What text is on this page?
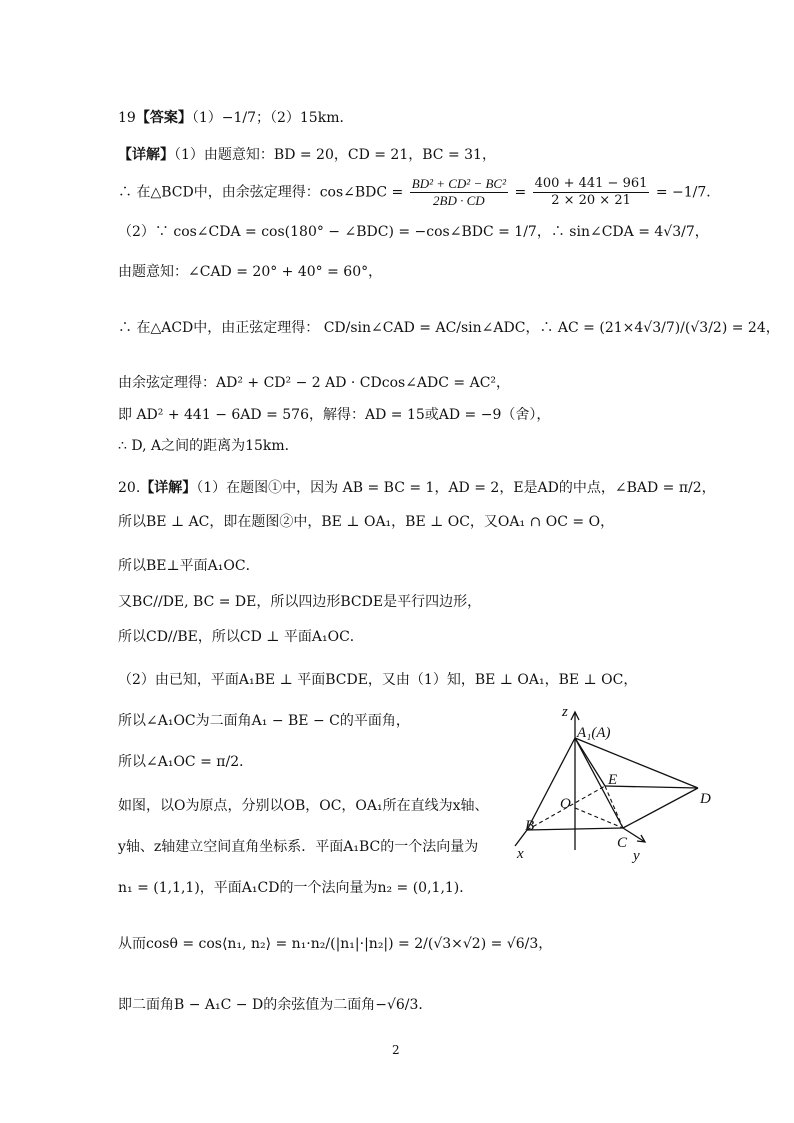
19【答案】（1）−1/7；（2）15km．
【详解】（1）由题意知：BD = 20，CD = 21，BC = 31，
∴ 在△BCD中，由余弦定理得：cos∠BDC = $\frac{\text{BD² + CD² − BC²}}{2BD \cdot CD} = \frac{400 + 441 - 961}{2 \times 20 \times 21} = -1/7$．
（2）∵ cos∠CDA = cos(180° − ∠BDC) = −cos∠BDC = 1/7，∴ sin∠CDA = 4√3/7，
由题意知：∠CAD = 20° + 40° = 60°，
∴ 在△ACD中，由正弦定理得： CD/sin∠CAD = AC/sin∠ADC，∴ AC = (21×4√3/7)/(√3/2) = 24，
由余弦定理得：AD² + CD² − 2 AD · CDcos∠ADC = AC²，
即 AD² + 441 − 6AD = 576，解得：AD = 15或AD = −9（舍），
∴ D, A之间的距离为15km．
20.【详解】（1）在题图①中，因为 AB = BC = 1，AD = 2，E是AD的中点，∠BAD = π/2，
所以BE ⊥ AC，即在题图②中，BE ⊥ OA₁，BE ⊥ OC，又OA₁ ∩ OC = O，
所以BE⊥平面A₁OC．
又BC//DE, BC = DE，所以四边形BCDE是平行四边形，
所以CD//BE，所以CD ⊥ 平面A₁OC．
（2）由已知，平面A₁BE ⊥ 平面BCDE，又由（1）知，BE ⊥ OA₁，BE ⊥ OC，
所以∠A₁OC为二面角A₁ − BE − C的平面角，
所以∠A₁OC = π/2．
如图，以O为原点，分别以OB，OC，OA₁所在直线为x轴、
y轴、z轴建立空间直角坐标系．平面A₁BC的一个法向量为
n₁ = (1,1,1)，平面A₁CD的一个法向量为n₂ = (0,1,1)．
从而cosθ = cos⟨n₁, n₂⟩ = n₁·n₂/(|n₁|·|n₂|) = 2/(√3×√2) = √6/3，
即二面角B − A₁C − D的余弦值为二面角−√6/3．
z
A₁(A)
E
O	D
B
C
x	y
2
